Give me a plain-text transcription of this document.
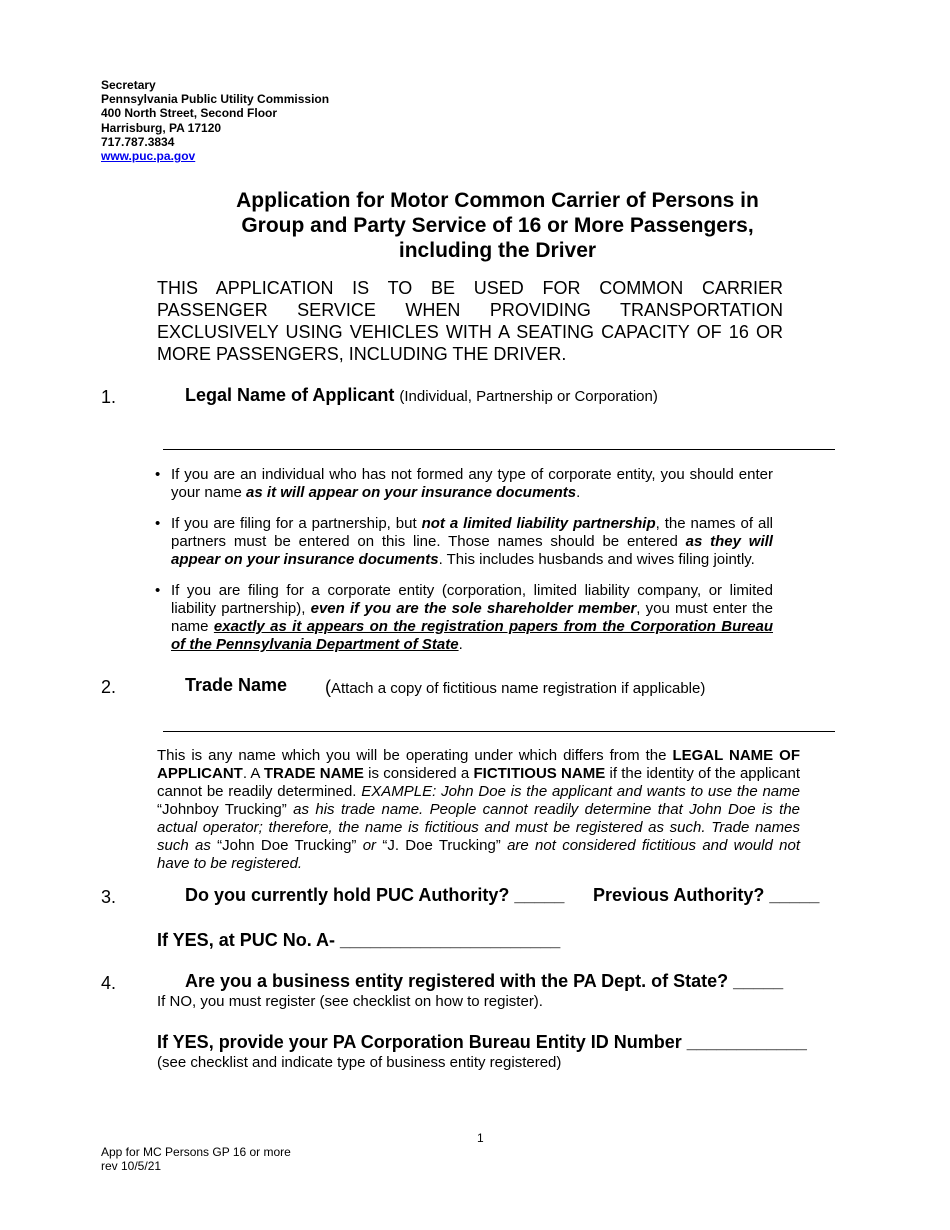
Secretary
Pennsylvania Public Utility Commission
400 North Street, Second Floor
Harrisburg, PA 17120
717.787.3834
www.puc.pa.gov
Application for Motor Common Carrier of Persons in
Group and Party Service of 16 or More Passengers,
including the Driver
THIS APPLICATION IS TO BE USED FOR COMMON CARRIER PASSENGER SERVICE WHEN PROVIDING TRANSPORTATION EXCLUSIVELY USING VEHICLES WITH A SEATING CAPACITY OF 16 OR MORE PASSENGERS, INCLUDING THE DRIVER.
1.	Legal Name of Applicant (Individual, Partnership or Corporation)
• If you are an individual who has not formed any type of corporate entity, you should enter your name as it will appear on your insurance documents.
• If you are filing for a partnership, but not a limited liability partnership, the names of all partners must be entered on this line. Those names should be entered as they will appear on your insurance documents. This includes husbands and wives filing jointly.
• If you are filing for a corporate entity (corporation, limited liability company, or limited liability partnership), even if you are the sole shareholder member, you must enter the name exactly as it appears on the registration papers from the Corporation Bureau of the Pennsylvania Department of State.
2.	Trade Name (Attach a copy of fictitious name registration if applicable)
This is any name which you will be operating under which differs from the LEGAL NAME OF APPLICANT. A TRADE NAME is considered a FICTITIOUS NAME if the identity of the applicant cannot be readily determined. EXAMPLE: John Doe is the applicant and wants to use the name “Johnboy Trucking” as his trade name. People cannot readily determine that John Doe is the actual operator; therefore, the name is fictitious and must be registered as such. Trade names such as “John Doe Trucking” or “J. Doe Trucking” are not considered fictitious and would not have to be registered.
3.	Do you currently hold PUC Authority? _____ Previous Authority? _____
If YES, at PUC No. A- ______________________
4.	Are you a business entity registered with the PA Dept. of State? _____
If NO, you must register (see checklist on how to register).
If YES, provide your PA Corporation Bureau Entity ID Number ____________
(see checklist and indicate type of business entity registered)
1
App for MC Persons GP 16 or more
rev 10/5/21
